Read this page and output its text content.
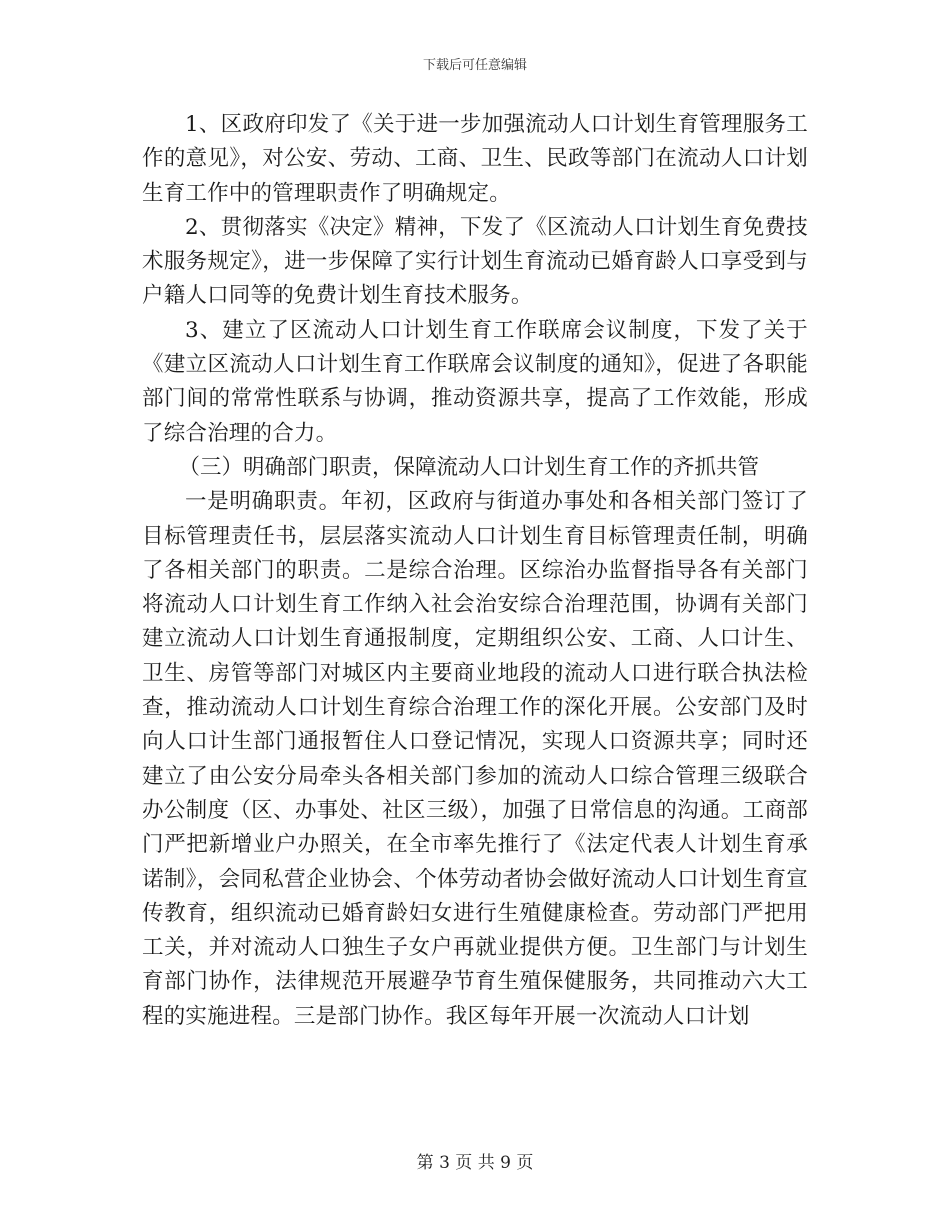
下载后可任意编辑

1、区政府印发了《关于进一步加强流动人口计划生育管理服务工作的意见》，对公安、劳动、工商、卫生、民政等部门在流动人口计划生育工作中的管理职责作了明确规定。

2、贯彻落实《决定》精神，下发了《区流动人口计划生育免费技术服务规定》，进一步保障了实行计划生育流动已婚育龄人口享受到与户籍人口同等的免费计划生育技术服务。

3、建立了区流动人口计划生育工作联席会议制度，下发了关于《建立区流动人口计划生育工作联席会议制度的通知》，促进了各职能部门间的常常性联系与协调，推动资源共享，提高了工作效能，形成了综合治理的合力。

（三）明确部门职责，保障流动人口计划生育工作的齐抓共管

一是明确职责。年初，区政府与街道办事处和各相关部门签订了目标管理责任书，层层落实流动人口计划生育目标管理责任制，明确了各相关部门的职责。二是综合治理。区综治办监督指导各有关部门将流动人口计划生育工作纳入社会治安综合治理范围，协调有关部门建立流动人口计划生育通报制度，定期组织公安、工商、人口计生、卫生、房管等部门对城区内主要商业地段的流动人口进行联合执法检查，推动流动人口计划生育综合治理工作的深化开展。公安部门及时向人口计生部门通报暂住人口登记情况，实现人口资源共享；同时还建立了由公安分局牵头各相关部门参加的流动人口综合管理三级联合办公制度（区、办事处、社区三级），加强了日常信息的沟通。工商部门严把新增业户办照关，在全市率先推行了《法定代表人计划生育承诺制》，会同私营企业协会、个体劳动者协会做好流动人口计划生育宣传教育，组织流动已婚育龄妇女进行生殖健康检查。劳动部门严把用工关，并对流动人口独生子女户再就业提供方便。卫生部门与计划生育部门协作，法律规范开展避孕节育生殖保健服务，共同推动六大工程的实施进程。三是部门协作。我区每年开展一次流动人口计划

第 3 页 共 9 页
